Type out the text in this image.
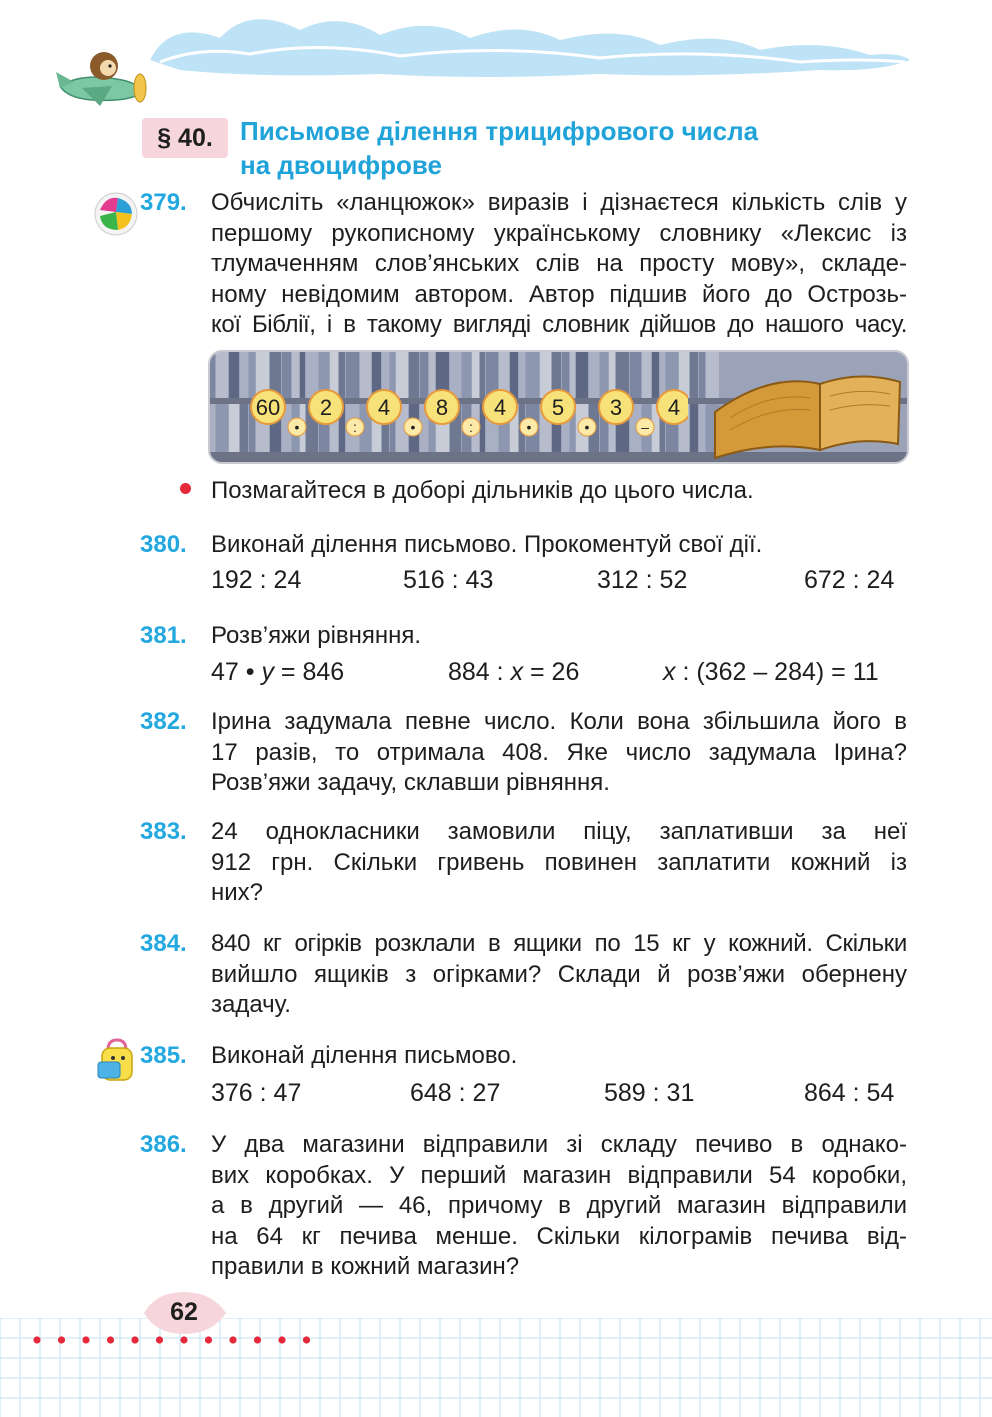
§ 40.	Письмове ділення трицифрового числа
на двоцифрове
379. Обчисліть «ланцюжок» виразів і дізнаєтеся кількість слів у
першому рукописному українському словнику «Лексис із
тлумаченням слов’янських слів на просту мову», складе-
ному невідомим автором. Автор підшив його до Острозь-
кої Біблії, і в такому вигляді словник дійшов до нашого часу.
60
•
2
:
4
•
8
:
4
•
5
•
3
–
4
Позмагайтеся в доборі дільників до цього числа.
380. Виконай ділення письмово. Прокоментуй свої дії.
192 : 24	516 : 43	312 : 52	672 : 24
381. Розв’яжи рівняння.
47 • у = 846	884 : х = 26	х : (362 – 284) = 11
382. Ірина задумала певне число. Коли вона збільшила його в
17 разів, то отримала 408. Яке число задумала Ірина?
Розв’яжи задачу, склавши рівняння.
383. 24 однокласники замовили піцу, заплативши за неї
912 грн. Скільки гривень повинен заплатити кожний із
них?
384. 840 кг огірків розклали в ящики по 15 кг у кожний. Скільки
вийшло ящиків з огірками? Склади й розв’яжи обернену
задачу.
385. Виконай ділення письмово.
376 : 47	648 : 27	589 : 31	864 : 54
386. У два магазини відправили зі складу печиво в однако-
вих коробках. У перший магазин відправили 54 коробки,
а в другий — 46, причому в другий магазин відправили
на 64 кг печива менше. Скільки кілограмів печива від-
правили в кожний магазин?
62
